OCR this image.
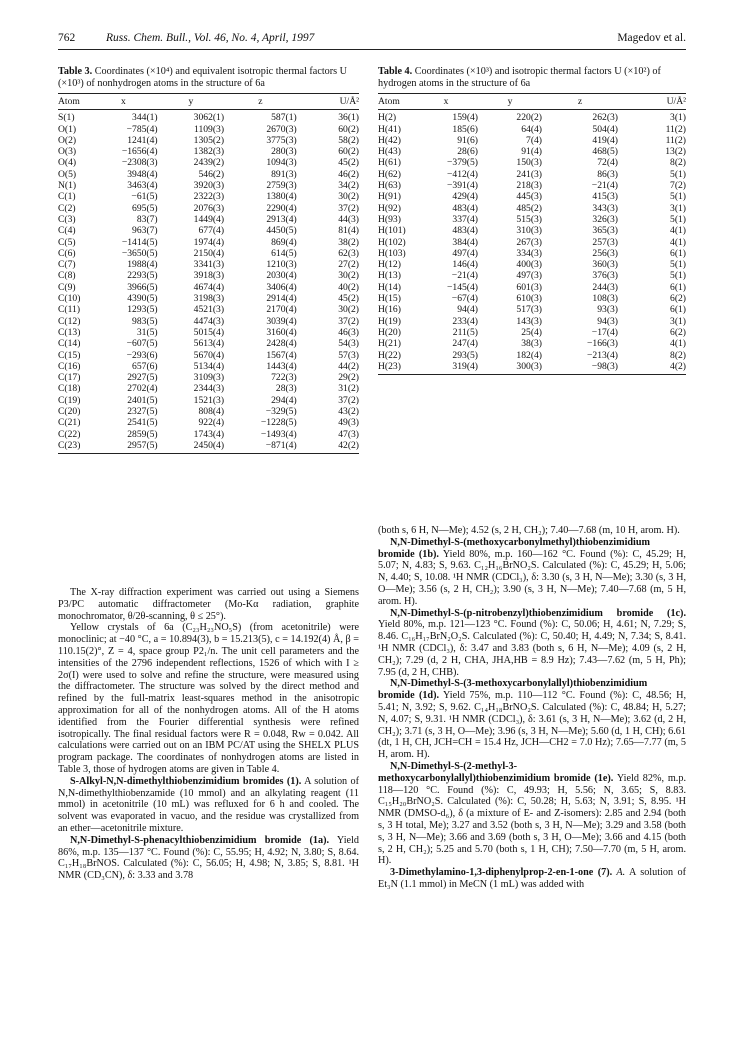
762	Russ. Chem. Bull., Vol. 46, No. 4, April, 1997	Magedov et al.
Table 3. Coordinates (×10⁴) and equivalent isotropic thermal factors U (×10³) of nonhydrogen atoms in the structure of 6a
Atom	x	y	z	U/Å²
S(1)	344(1)	3062(1)	587(1)	36(1)
O(1)	−785(4)	1109(3)	2670(3)	60(2)
O(2)	1241(4)	1305(2)	3775(3)	58(2)
O(3)	−1656(4)	1382(3)	280(3)	60(2)
O(4)	−2308(3)	2439(2)	1094(3)	45(2)
O(5)	3948(4)	546(2)	891(3)	46(2)
N(1)	3463(4)	3920(3)	2759(3)	34(2)
C(1)	−61(5)	2322(3)	1380(4)	30(2)
C(2)	695(5)	2076(3)	2290(4)	37(2)
C(3)	83(7)	1449(4)	2913(4)	44(3)
C(4)	963(7)	677(4)	4450(5)	81(4)
C(5)	−1414(5)	1974(4)	869(4)	38(2)
C(6)	−3650(5)	2150(4)	614(5)	62(3)
C(7)	1988(4)	3341(3)	1210(3)	27(2)
C(8)	2293(5)	3918(3)	2030(4)	30(2)
C(9)	3966(5)	4674(4)	3406(4)	40(2)
C(10)	4390(5)	3198(3)	2914(4)	45(2)
C(11)	1293(5)	4521(3)	2170(4)	30(2)
C(12)	983(5)	4474(3)	3039(4)	37(2)
C(13)	31(5)	5015(4)	3160(4)	46(3)
C(14)	−607(5)	5613(4)	2428(4)	54(3)
C(15)	−293(6)	5670(4)	1567(4)	57(3)
C(16)	657(6)	5134(4)	1443(4)	44(2)
C(17)	2927(5)	3109(3)	722(3)	29(2)
C(18)	2702(4)	2344(3)	28(3)	31(2)
C(19)	2401(5)	1521(3)	294(4)	37(2)
C(20)	2327(5)	808(4)	−329(5)	43(2)
C(21)	2541(5)	922(4)	−1228(5)	49(3)
C(22)	2859(5)	1743(4)	−1493(4)	47(3)
C(23)	2957(5)	2450(4)	−871(4)	42(2)

The X-ray diffraction experiment was carried out using a Siemens P3/PC automatic diffractometer (Mo-Kα radiation, graphite monochromator, θ/2θ-scanning, θ ≤ 25°).

Yellow crystals of 6a (C₂₃H₂₃NO₅S) (from acetonitrile) were monoclinic; at −40 °C, a = 10.894(3), b = 15.213(5), c = 14.192(4) Å, β = 110.15(2)°, Z = 4, space group P2₁/n. The unit cell parameters and the intensities of the 2796 independent reflections, 1526 of which with I ≥ 2σ(I) were used to solve and refine the structure, were measured using the diffractometer. The structure was solved by the direct method and refined by the full-matrix least-squares method in the anisotropic approximation for all of the nonhydrogen atoms. All of the H atoms identified from the Fourier differential synthesis were refined isotropically. The final residual factors were R = 0.048, Rw = 0.042. All calculations were carried out on an IBM PC/AT using the SHELX PLUS program package. The coordinates of nonhydrogen atoms are listed in Table 3, those of hydrogen atoms are given in Table 4.

S-Alkyl-N,N-dimethylthiobenzimidium bromides (1). A solution of N,N-dimethylthiobenzamide (10 mmol) and an alkylating reagent (11 mmol) in acetonitrile (10 mL) was refluxed for 6 h and cooled. The solvent was evaporated in vacuo, and the residue was crystallized from an ether—acetonitrile mixture.

N,N-Dimethyl-S-phenacylthiobenzimidium bromide (1a). Yield 86%, m.p. 135—137 °C. Found (%): C, 55.95; H, 4.92; N, 3.80; S, 8.64. C₁₇H₁₈BrNOS. Calculated (%): C, 56.05; H, 4.98; N, 3.85; S, 8.81. ¹H NMR (CD₃CN), δ: 3.33 and 3.78

Table 4. Coordinates (×10³) and isotropic thermal factors U (×10²) of hydrogen atoms in the structure of 6a
Atom	x	y	z	U/Å²
H(2)	159(4)	220(2)	262(3)	3(1)
H(41)	185(6)	64(4)	504(4)	11(2)
H(42)	91(6)	7(4)	419(4)	11(2)
H(43)	28(6)	91(4)	468(5)	13(2)
H(61)	−379(5)	150(3)	72(4)	8(2)
H(62)	−412(4)	241(3)	86(3)	5(1)
H(63)	−391(4)	218(3)	−21(4)	7(2)
H(91)	429(4)	445(3)	415(3)	5(1)
H(92)	483(4)	485(2)	343(3)	3(1)
H(93)	337(4)	515(3)	326(3)	5(1)
H(101)	483(4)	310(3)	365(3)	4(1)
H(102)	384(4)	267(3)	257(3)	4(1)
H(103)	497(4)	334(3)	256(3)	6(1)
H(12)	146(4)	400(3)	360(3)	5(1)
H(13)	−21(4)	497(3)	376(3)	5(1)
H(14)	−145(4)	601(3)	244(3)	6(1)
H(15)	−67(4)	610(3)	108(3)	6(2)
H(16)	94(4)	517(3)	93(3)	6(1)
H(19)	233(4)	143(3)	94(3)	3(1)
H(20)	211(5)	25(4)	−17(4)	6(2)
H(21)	247(4)	38(3)	−166(3)	4(1)
H(22)	293(5)	182(4)	−213(4)	8(2)
H(23)	319(4)	300(3)	−98(3)	4(2)

(both s, 6 H, N—Me); 4.52 (s, 2 H, CH₂); 7.40—7.68 (m, 10 H, arom. H).

N,N-Dimethyl-S-(methoxycarbonylmethyl)thiobenzimidium bromide (1b). Yield 80%, m.p. 160—162 °C. Found (%): C, 45.29; H, 5.07; N, 4.83; S, 9.63. C₁₂H₁₆BrNO₂S. Calculated (%): C, 45.29; H, 5.06; N, 4.40; S, 10.08. ¹H NMR (CDCl₃), δ: 3.30 (s, 3 H, N—Me); 3.30 (s, 3 H, O—Me); 3.56 (s, 2 H, CH₂); 3.90 (s, 3 H, N—Me); 7.40—7.68 (m, 5 H, arom. H).

N,N-Dimethyl-S-(p-nitrobenzyl)thiobenzimidium bromide (1c). Yield 80%, m.p. 121—123 °C. Found (%): C, 50.06; H, 4.61; N, 7.29; S, 8.46. C₁₆H₁₇BrN₂O₂S. Calculated (%): C, 50.40; H, 4.49; N, 7.34; S, 8.41. ¹H NMR (CDCl₃), δ: 3.47 and 3.83 (both s, 6 H, N—Me); 4.09 (s, 2 H, CH₂); 7.29 (d, 2 H, CHA, JHA,HB = 8.9 Hz); 7.43—7.62 (m, 5 H, Ph); 7.95 (d, 2 H, CHB).

N,N-Dimethyl-S-(3-methoxycarbonylallyl)thiobenzimidium bromide (1d). Yield 75%, m.p. 110—112 °C. Found (%): C, 48.56; H, 5.41; N, 3.92; S, 9.62. C₁₄H₁₈BrNO₂S. Calculated (%): C, 48.84; H, 5.27; N, 4.07; S, 9.31. ¹H NMR (CDCl₃), δ: 3.61 (s, 3 H, N—Me); 3.62 (d, 2 H, CH₂); 3.71 (s, 3 H, O—Me); 3.96 (s, 3 H, N—Me); 5.60 (d, 1 H, CH); 6.61 (dt, 1 H, CH, JCH=CH = 15.4 Hz, JCH—CH2 = 7.0 Hz); 7.65—7.77 (m, 5 H, arom. H).

N,N-Dimethyl-S-(2-methyl-3-methoxycarbonylallyl)thiobenzimidium bromide (1e). Yield 82%, m.p. 118—120 °C. Found (%): C, 49.93; H, 5.56; N, 3.65; S, 8.83. C₁₅H₂₀BrNO₂S. Calculated (%): C, 50.28; H, 5.63; N, 3.91; S, 8.95. ¹H NMR (DMSO-d₆), δ (a mixture of E- and Z-isomers): 2.85 and 2.94 (both s, 3 H total, Me); 3.27 and 3.52 (both s, 3 H, N—Me); 3.29 and 3.58 (both s, 3 H, N—Me); 3.66 and 3.69 (both s, 3 H, O—Me); 3.66 and 4.15 (both s, 2 H, CH₂); 5.25 and 5.70 (both s, 1 H, CH); 7.50—7.70 (m, 5 H, arom. H).

3-Dimethylamino-1,3-diphenylprop-2-en-1-one (7). A. A solution of Et₃N (1.1 mmol) in MeCN (1 mL) was added with
